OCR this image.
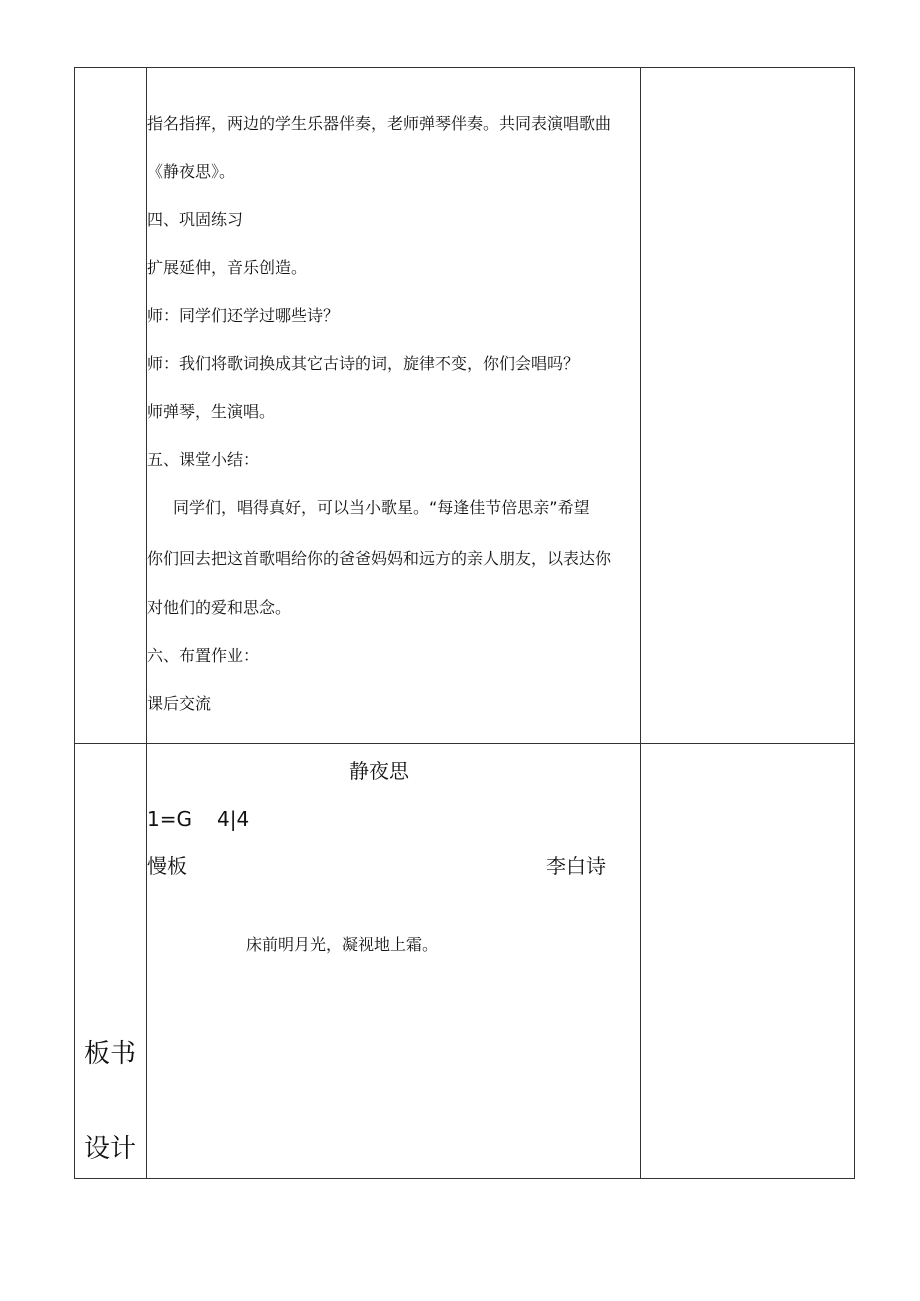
指名指挥，两边的学生乐器伴奏，老师弹琴伴奏。共同表演唱歌曲
《静夜思》。
四、巩固练习
扩展延伸，音乐创造。
师：同学们还学过哪些诗？
师：我们将歌词换成其它古诗的词，旋律不变，你们会唱吗？
师弹琴，生演唱。
五、课堂小结：
同学们，唱得真好，可以当小歌星。“每逢佳节倍思亲”希望
你们回去把这首歌唱给你的爸爸妈妈和远方的亲人朋友，以表达你
对他们的爱和思念。
六、布置作业：
课后交流
板书
设计
静夜思
1=G 4|4
慢板	李白诗
床前明月光，凝视地上霜。
